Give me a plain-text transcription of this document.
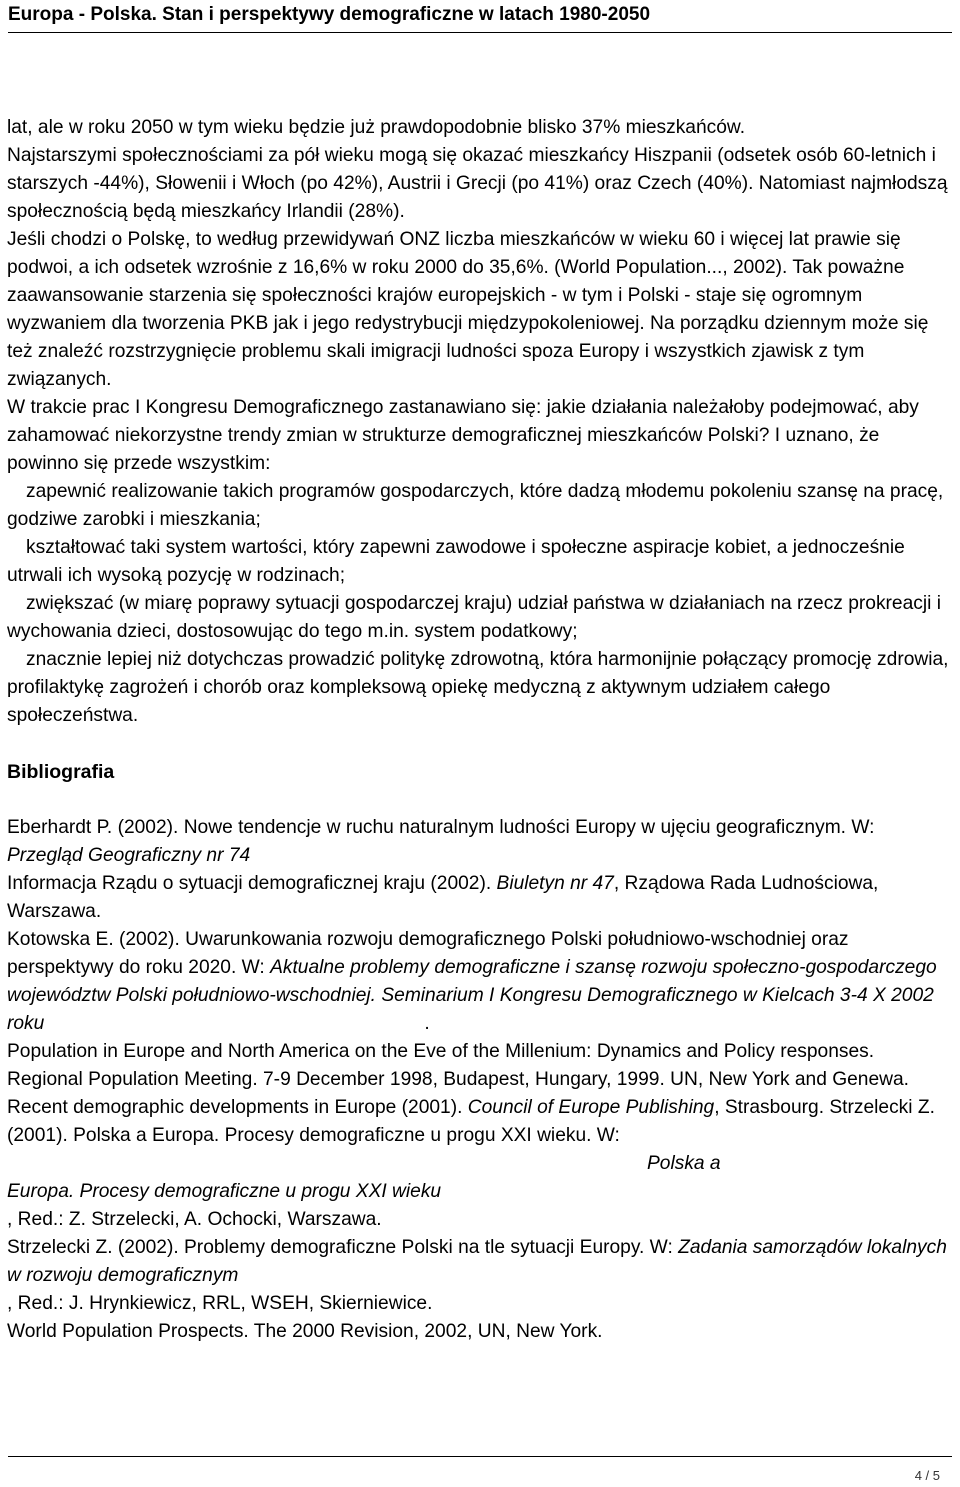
Europa - Polska. Stan i perspektywy demograficzne w latach 1980-2050

lat, ale w roku 2050 w tym wieku będzie już prawdopodobnie blisko 37% mieszkańców.

Najstarszymi społecznościami za pół wieku mogą się okazać mieszkańcy Hiszpanii (odsetek osób 60-letnich i starszych -44%), Słowenii i Włoch (po 42%), Austrii i Grecji (po 41%) oraz Czech (40%). Natomiast najmłodszą społecznością będą mieszkańcy Irlandii (28%).

Jeśli chodzi o Polskę, to według przewidywań ONZ liczba mieszkańców w wieku 60 i więcej lat prawie się podwoi, a ich odsetek wzrośnie z 16,6% w roku 2000 do 35,6%. (World Population..., 2002). Tak poważne zaawansowanie starzenia się społeczności krajów europejskich - w tym i Polski - staje się ogromnym wyzwaniem dla tworzenia PKB jak i jego redystrybucji międzypokoleniowej. Na porządku dziennym może się też znaleźć rozstrzygnięcie problemu skali imigracji ludności spoza Europy i wszystkich zjawisk z tym związanych.

W trakcie prac I Kongresu Demograficznego zastanawiano się: jakie działania należałoby podejmować, aby zahamować niekorzystne trendy zmian w strukturze demograficznej mieszkańców Polski? I uznano, że powinno się przede wszystkim:

zapewnić realizowanie takich programów gospodarczych, które dadzą młodemu pokoleniu szansę na pracę, godziwe zarobki i mieszkania;

kształtować taki system wartości, który zapewni zawodowe i społeczne aspiracje kobiet, a jednocześnie utrwali ich wysoką pozycję w rodzinach;

zwiększać (w miarę poprawy sytuacji gospodarczej kraju) udział państwa w działaniach na rzecz prokreacji i wychowania dzieci, dostosowując do tego m.in. system podatkowy;

znacznie lepiej niż dotychczas prowadzić politykę zdrowotną, która harmonijnie połączący promocję zdrowia, profilaktykę zagrożeń i chorób oraz kompleksową opiekę medyczną z aktywnym udziałem całego społeczeństwa.

Bibliografia

Eberhardt P. (2002). Nowe tendencje w ruchu naturalnym ludności Europy w ujęciu geograficznym. W: Przegląd Geograficzny nr 74

Informacja Rządu o sytuacji demograficznej kraju (2002). Biuletyn nr 47, Rządowa Rada Ludnościowa, Warszawa.

Kotowska E. (2002). Uwarunkowania rozwoju demograficznego Polski południowo-wschodniej oraz perspektywy do roku 2020. W: Aktualne problemy demograficzne i szansę rozwoju społeczno-gospodarczego województw Polski południowo-wschodniej. Seminarium I Kongresu Demograficznego w Kielcach 3-4 X 2002 roku	.

Population in Europe and North America on the Eve of the Millenium: Dynamics and Policy responses. Regional Population Meeting. 7-9 December 1998, Budapest, Hungary, 1999. UN, New York and Genewa.

Recent demographic developments in Europe (2001). Council of Europe Publishing, Strasbourg. Strzelecki Z. (2001). Polska a Europa. Procesy demograficzne u progu XXI wieku. W: Polska a
Europa. Procesy demograficzne u progu XXI wieku
, Red.: Z. Strzelecki, A. Ochocki, Warszawa.

Strzelecki Z. (2002). Problemy demograficzne Polski na tle sytuacji Europy. W: Zadania samorządów lokalnych w rozwoju demograficznym
, Red.: J. Hrynkiewicz, RRL, WSEH, Skierniewice.

World Population Prospects. The 2000 Revision, 2002, UN, New York.

4 / 5
